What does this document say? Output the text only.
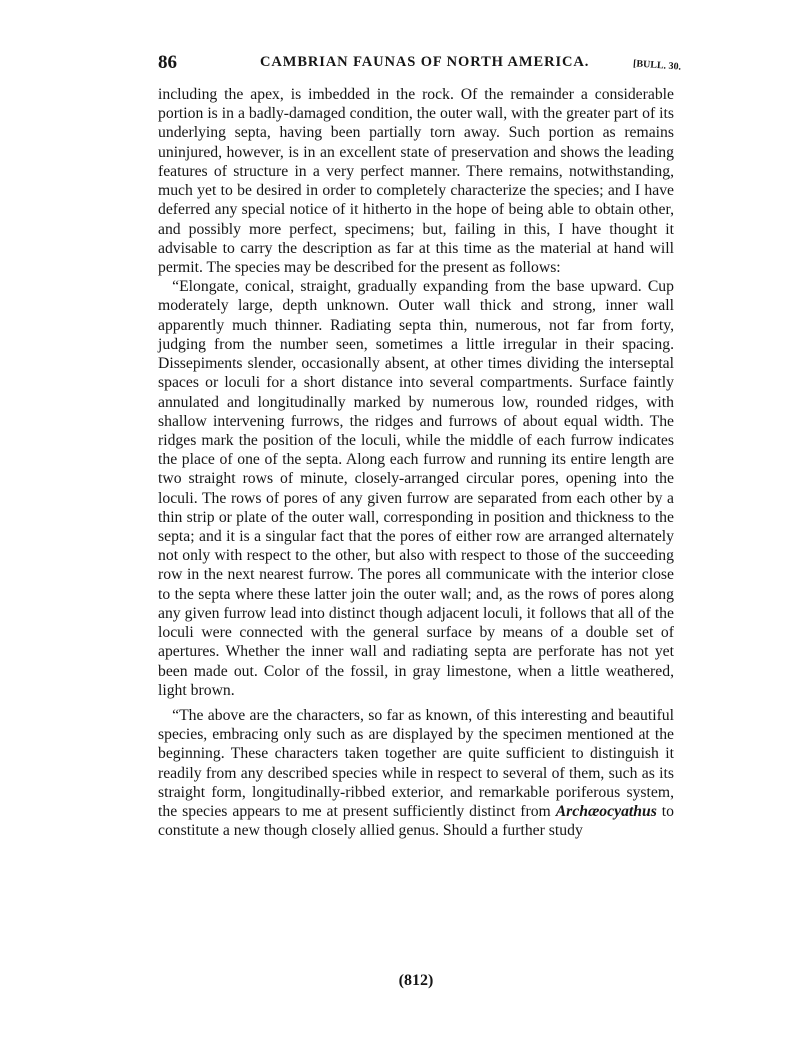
86	CAMBRIAN FAUNAS OF NORTH AMERICA.	[BULL. 30.

including the apex, is imbedded in the rock. Of the remainder a considerable portion is in a badly-damaged condition, the outer wall, with the greater part of its underlying septa, having been partially torn away. Such portion as remains uninjured, however, is in an excellent state of preservation and shows the leading features of structure in a very perfect manner. There remains, notwithstanding, much yet to be desired in order to completely characterize the species; and I have deferred any special notice of it hitherto in the hope of being able to obtain other, and possibly more perfect, specimens; but, failing in this, I have thought it advisable to carry the description as far at this time as the material at hand will permit. The species may be described for the present as follows:

“Elongate, conical, straight, gradually expanding from the base upward. Cup moderately large, depth unknown. Outer wall thick and strong, inner wall apparently much thinner. Radiating septa thin, numerous, not far from forty, judging from the number seen, sometimes a little irregular in their spacing. Dissepiments slender, occasionally absent, at other times dividing the interseptal spaces or loculi for a short distance into several compartments. Surface faintly annulated and longitudinally marked by numerous low, rounded ridges, with shallow intervening furrows, the ridges and furrows of about equal width. The ridges mark the position of the loculi, while the middle of each furrow indicates the place of one of the septa. Along each furrow and running its entire length are two straight rows of minute, closely-arranged circular pores, opening into the loculi. The rows of pores of any given furrow are separated from each other by a thin strip or plate of the outer wall, corresponding in position and thickness to the septa; and it is a singular fact that the pores of either row are arranged alternately not only with respect to the other, but also with respect to those of the succeeding row in the next nearest furrow. The pores all communicate with the interior close to the septa where these latter join the outer wall; and, as the rows of pores along any given furrow lead into distinct though adjacent loculi, it follows that all of the loculi were connected with the general surface by means of a double set of apertures. Whether the inner wall and radiating septa are perforate has not yet been made out. Color of the fossil, in gray limestone, when a little weathered, light brown.

“The above are the characters, so far as known, of this interesting and beautiful species, embracing only such as are displayed by the specimen mentioned at the beginning. These characters taken together are quite sufficient to distinguish it readily from any described species while in respect to several of them, such as its straight form, longitudinally-ribbed exterior, and remarkable poriferous system, the species appears to me at present sufficiently distinct from Archæocyathus to constitute a new though closely allied genus. Should a further study

(812)
